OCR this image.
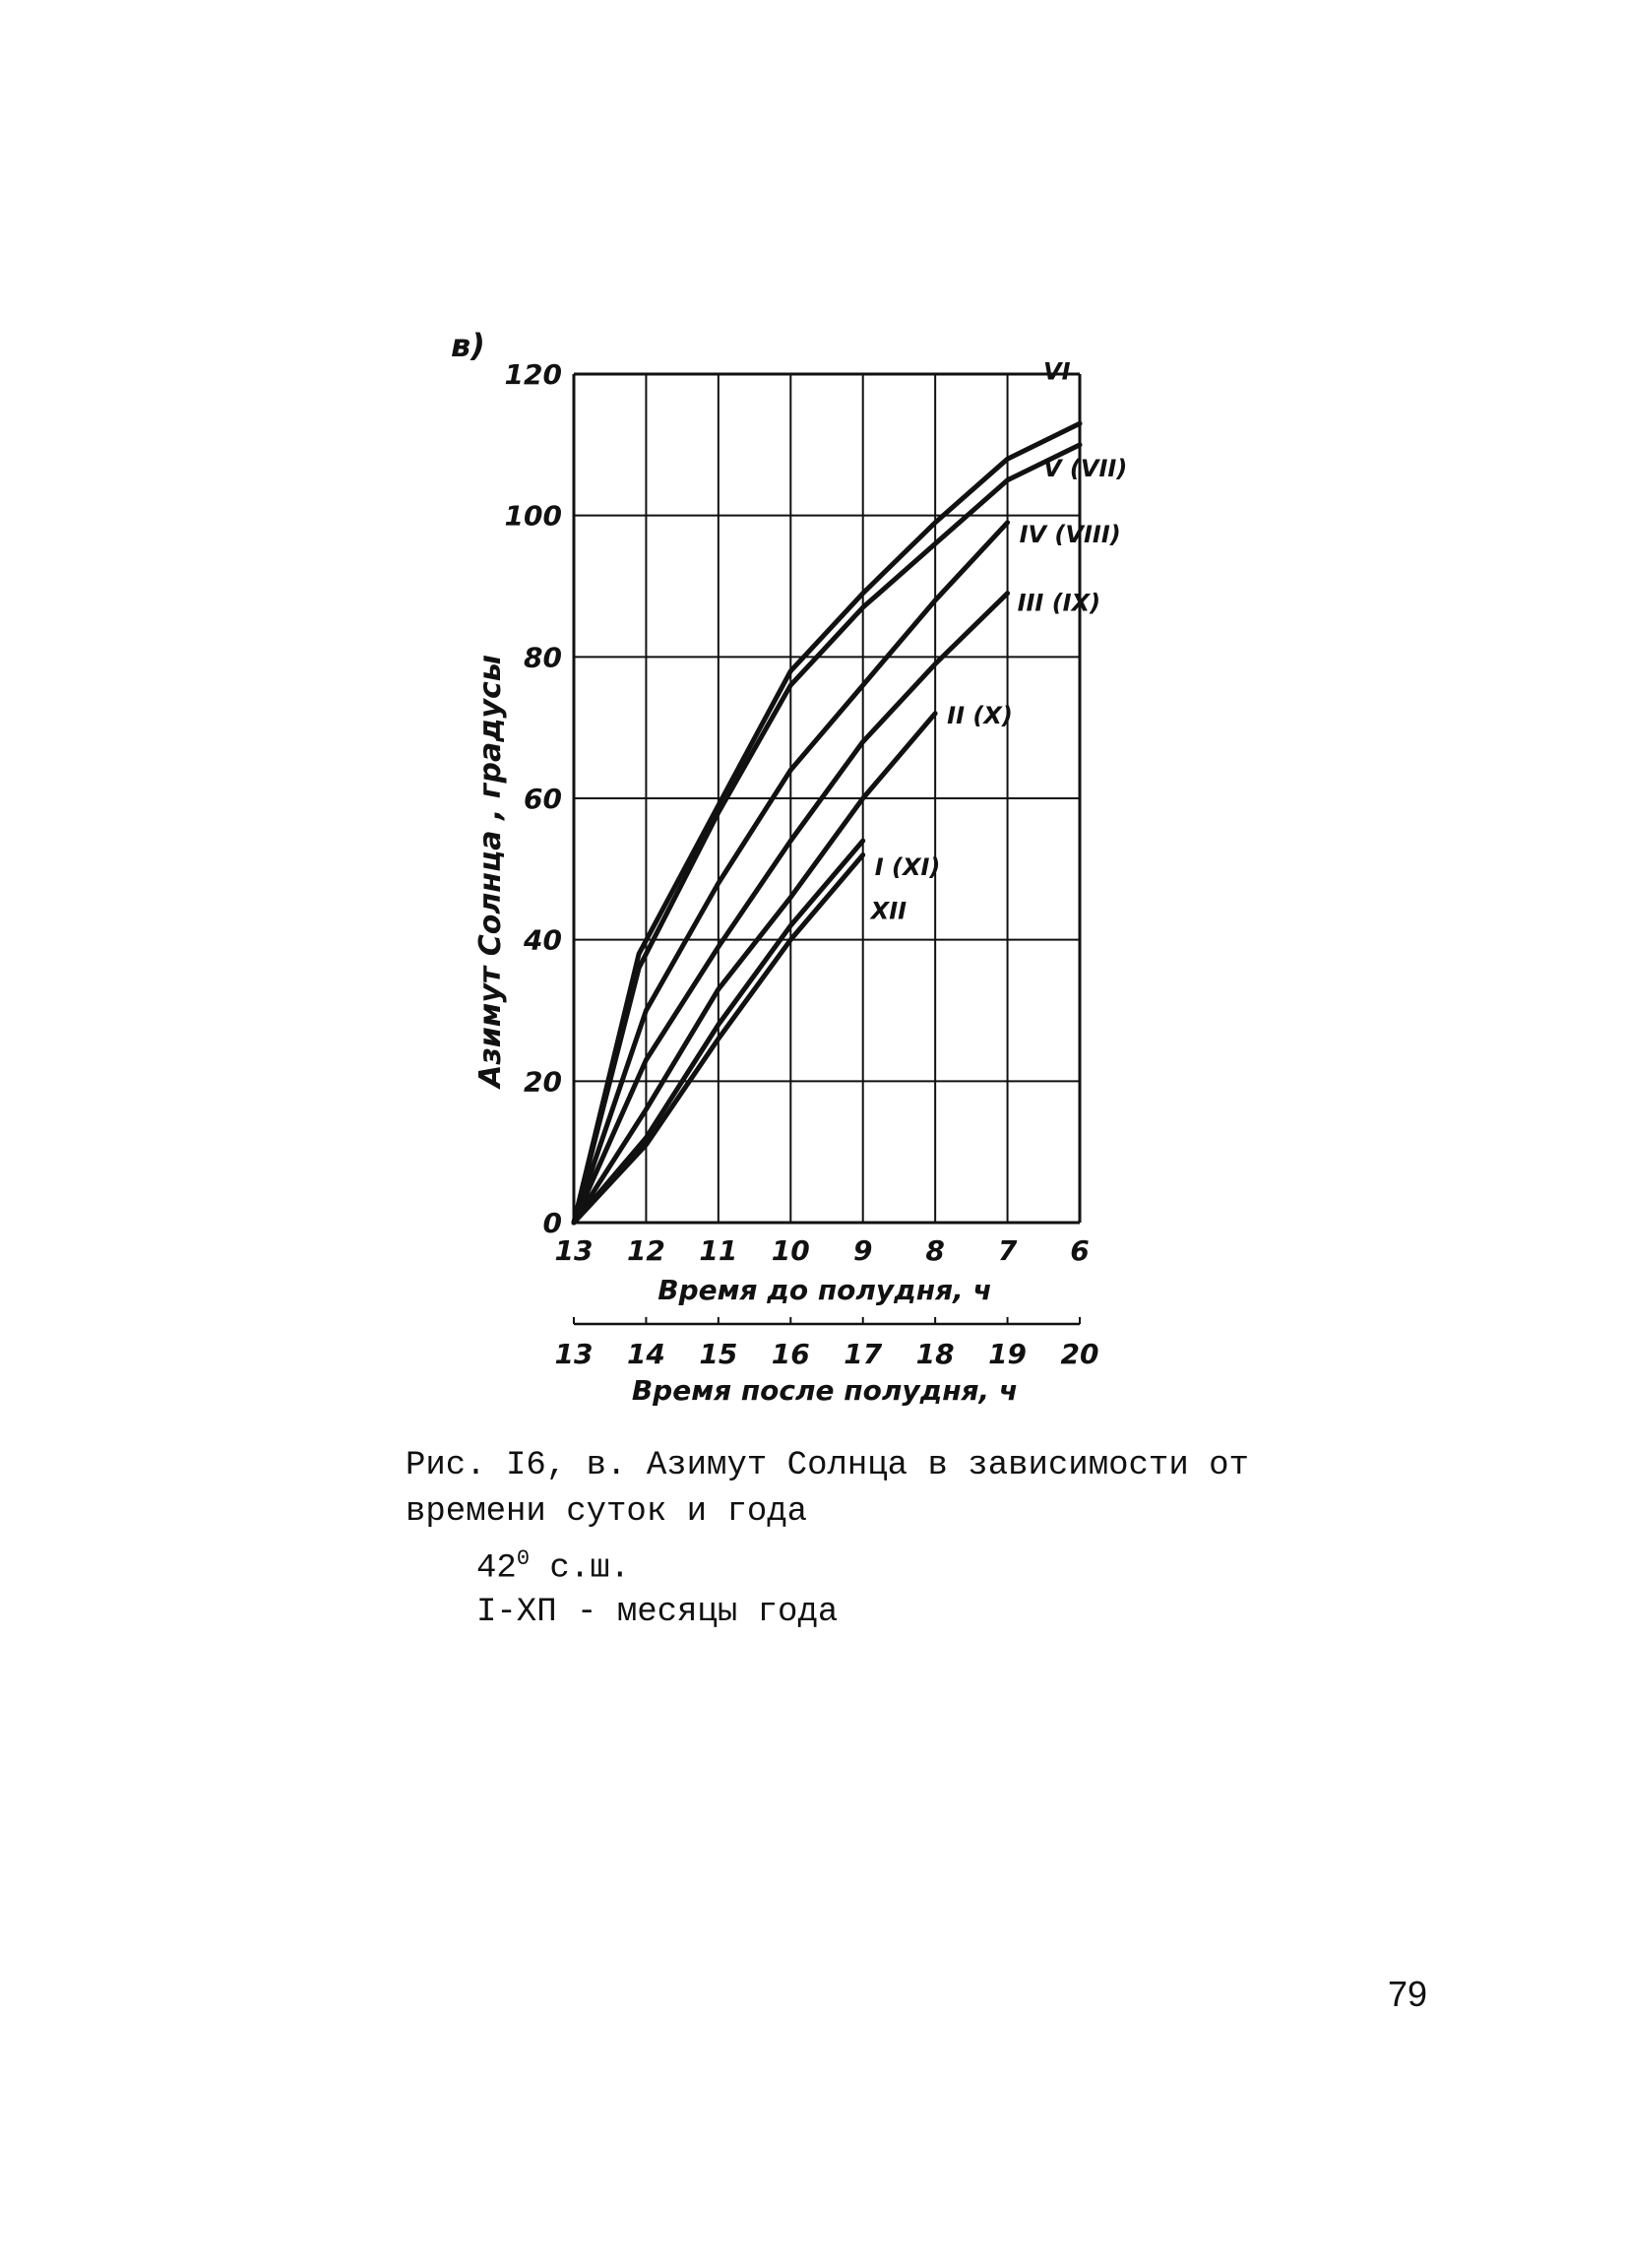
в)
VI
V (VII)
IV (VIII)
III (IX)
II (X)
I (XI)
XII
0
20
40
60
80
100
120
13 12 11 10 9 8 7 6
13 14 15 16 17 18 19 20
Азимут Солнца , градусы
Время до полудня, ч
Время после полудня, ч
Рис. I6, в. Азимут Солнца в зависимости от
времени суток и года
$42^0$ с.ш.
I-XП - месяцы года
79
